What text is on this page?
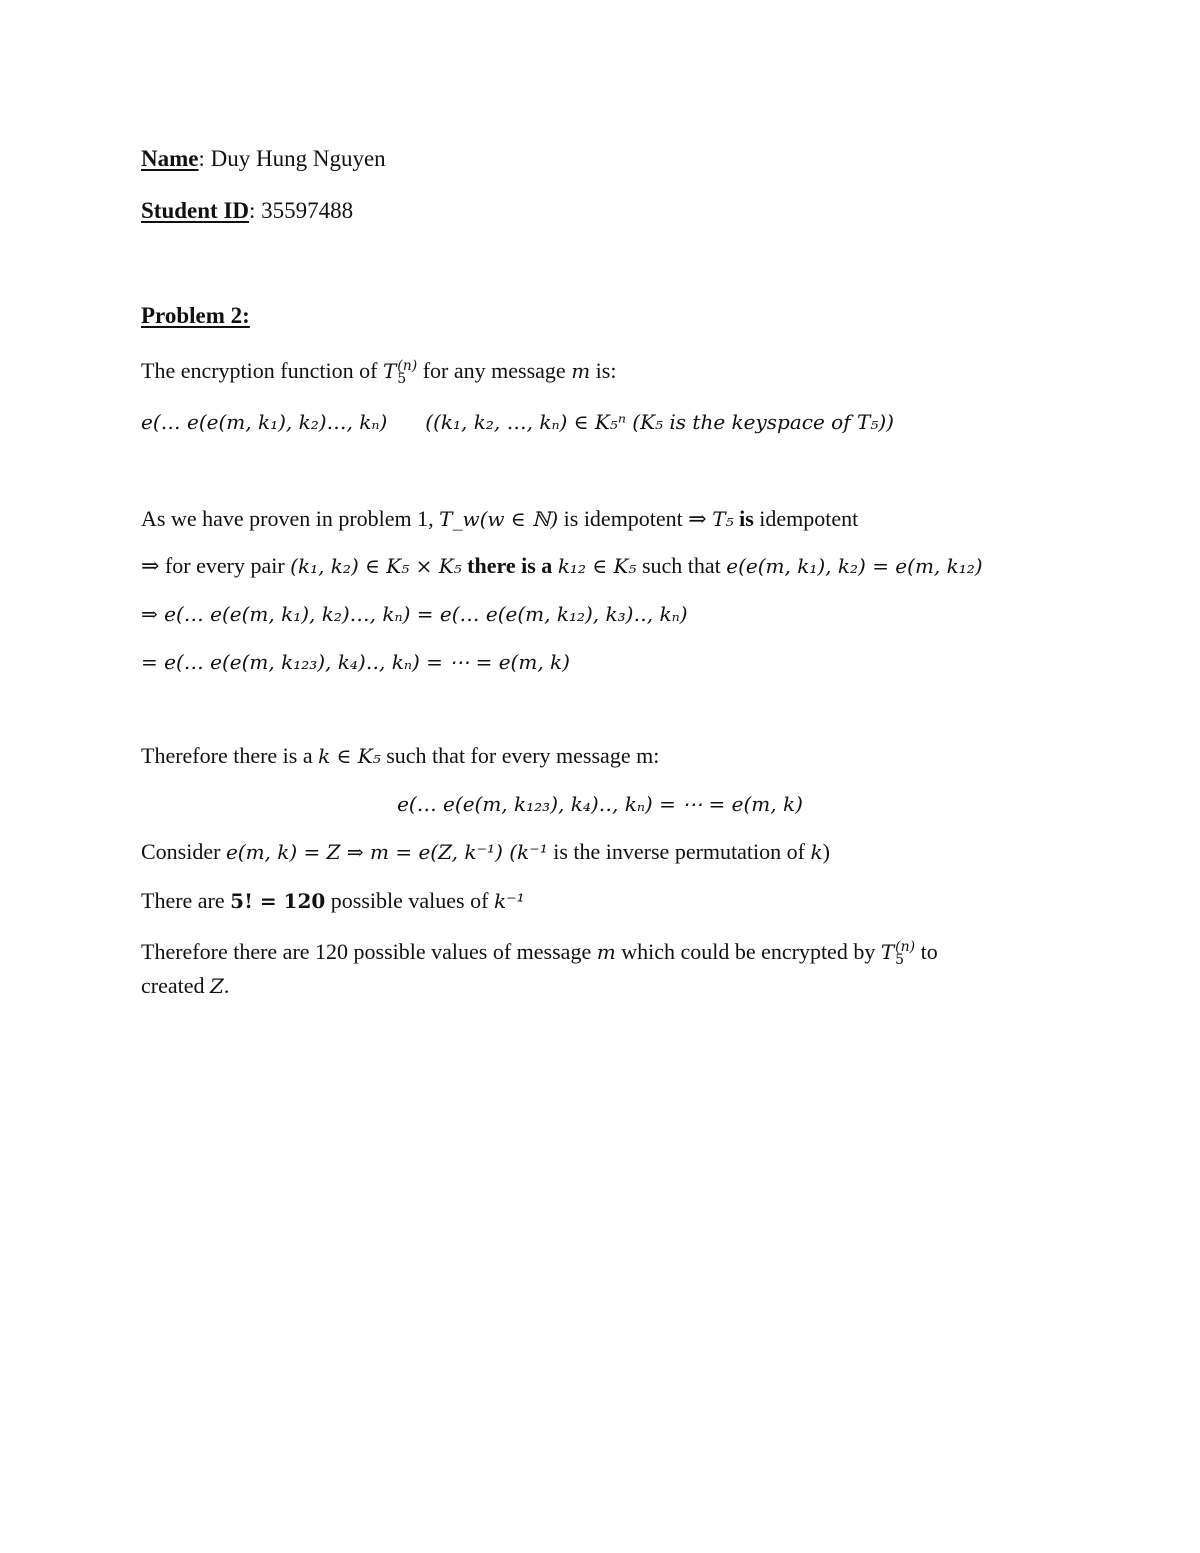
Name: Duy Hung Nguyen
Student ID: 35597488
Problem 2:
The encryption function of T (n)
5 for any message m is:
e(… e(e(m, k₁), k₂)…, kₙ) ((k₁, k₂, …, kₙ) ∈ K₅ⁿ (K₅ is the keyspace of T₅))
As we have proven in problem 1, T_w(w ∈ ℕ) is idempotent ⇒ T₅ is idempotent
⇒ for every pair (k₁, k₂) ∈ K₅ × K₅ there is a k₁₂ ∈ K₅ such that e(e(m, k₁), k₂) = e(m, k₁₂)
⇒ e(… e(e(m, k₁), k₂)…, kₙ) = e(… e(e(m, k₁₂), k₃)‥, kₙ)
= e(… e(e(m, k₁₂₃), k₄)‥, kₙ) = ⋯ = e(m, k)
Therefore there is a k ∈ K₅ such that for every message m:
e(… e(e(m, k₁₂₃), k₄)‥, kₙ) = ⋯ = e(m, k)
Consider e(m, k) = Z ⇒ m = e(Z, k⁻¹) (k⁻¹ is the inverse permutation of k)
There are 5! = 120 possible values of k⁻¹
Therefore there are 120 possible values of message m which could be encrypted by T (n)
5 to
created Z.
